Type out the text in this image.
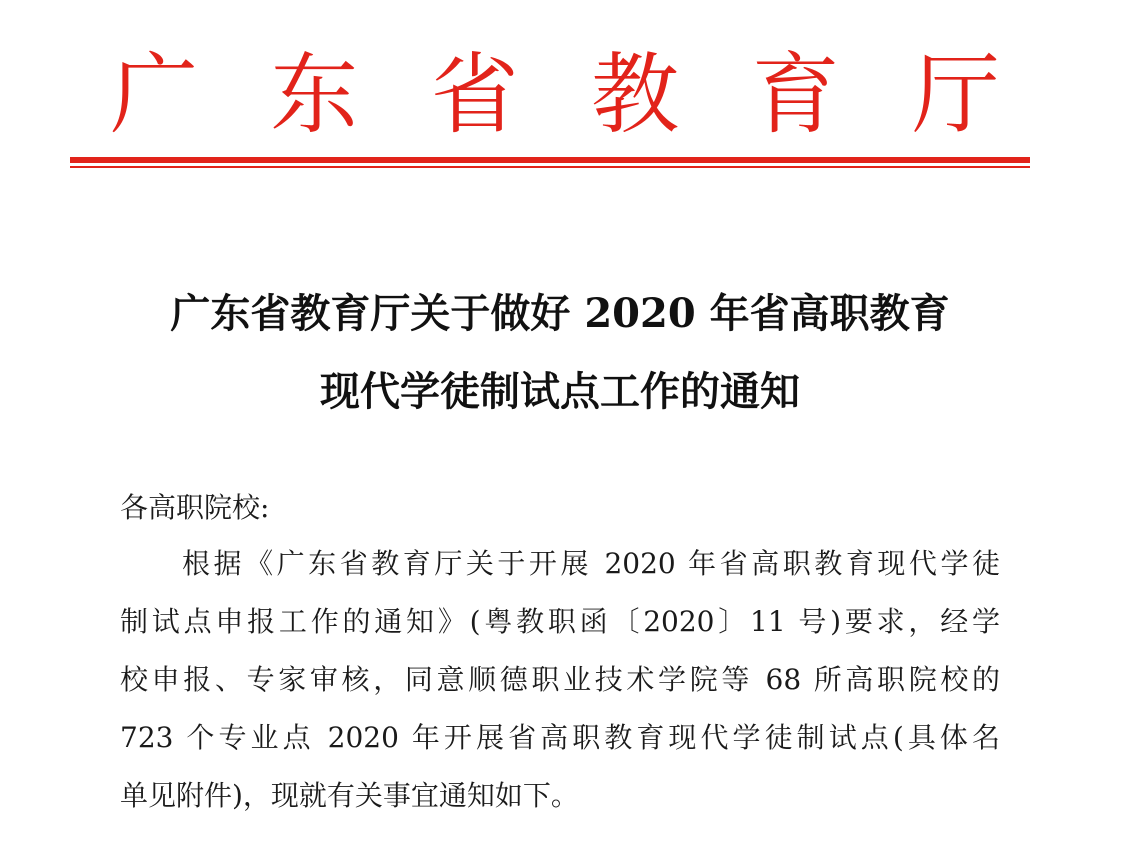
广 东 省 教 育 厅
广东省教育厅关于做好 2020 年省高职教育
现代学徒制试点工作的通知
各高职院校:
根据《广东省教育厅关于开展 2020 年省高职教育现代学徒
制试点申报工作的通知》(粤教职函〔2020〕11 号)要求，经学
校申报、专家审核，同意顺德职业技术学院等 68 所高职院校的
723 个专业点 2020 年开展省高职教育现代学徒制试点(具体名
单见附件)，现就有关事宜通知如下。
